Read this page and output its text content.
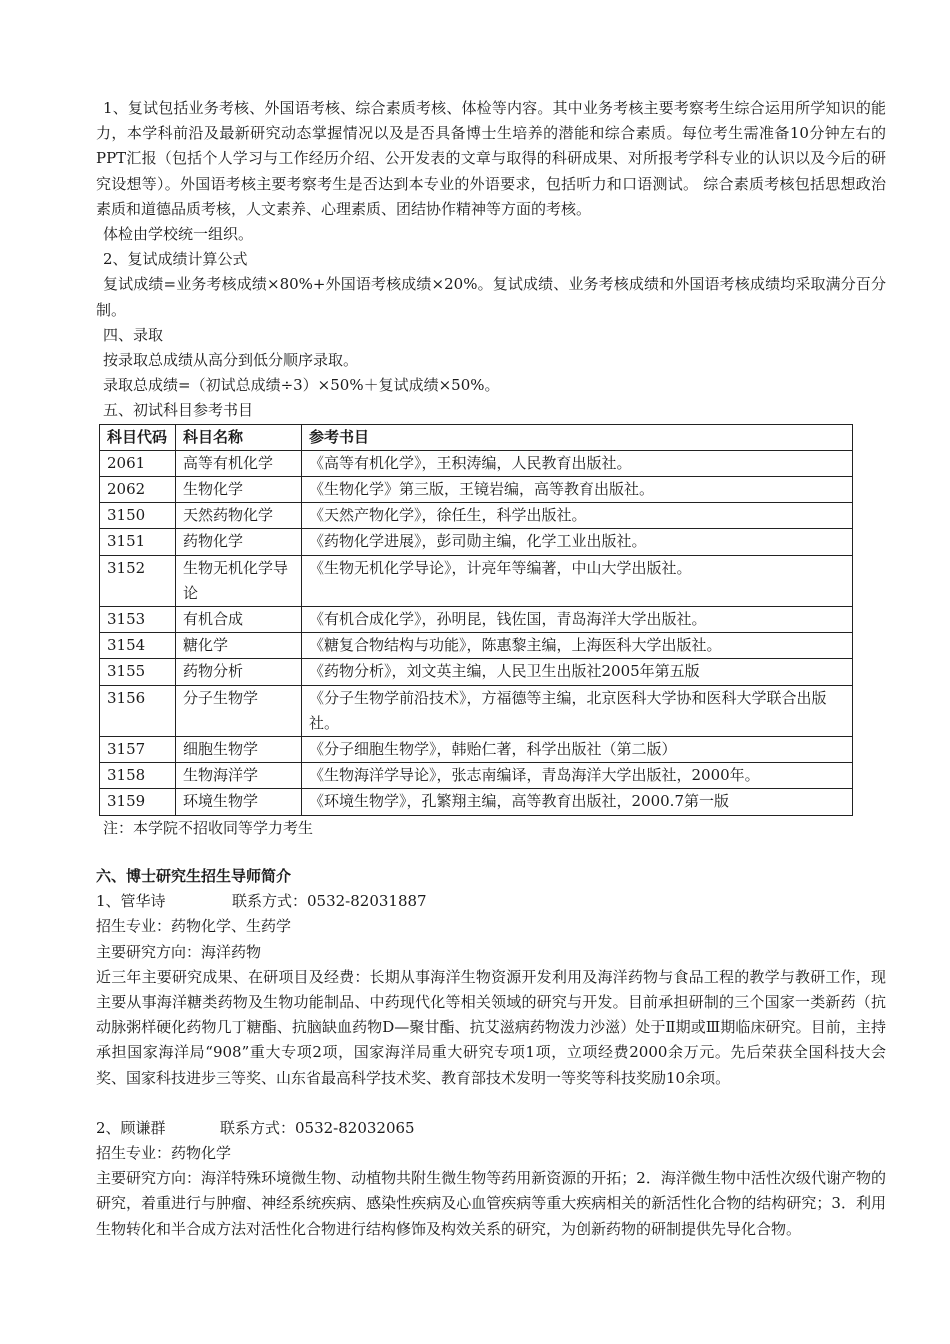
1、复试包括业务考核、外国语考核、综合素质考核、体检等内容。其中业务考核主要考察考生综合运用所学知识的能力，本学科前沿及最新研究动态掌握情况以及是否具备博士生培养的潜能和综合素质。每位考生需准备10分钟左右的PPT汇报（包括个人学习与工作经历介绍、公开发表的文章与取得的科研成果、对所报考学科专业的认识以及今后的研究设想等）。外国语考核主要考察考生是否达到本专业的外语要求，包括听力和口语测试。 综合素质考核包括思想政治素质和道德品质考核，人文素养、心理素质、团结协作精神等方面的考核。

体检由学校统一组织。

2、复试成绩计算公式

复试成绩=业务考核成绩×80%+外国语考核成绩×20%。复试成绩、业务考核成绩和外国语考核成绩均采取满分百分制。

四、录取

按录取总成绩从高分到低分顺序录取。

录取总成绩=（初试总成绩÷3）×50%＋复试成绩×50%。

五、初试科目参考书目

科目代码	科目名称	参考书目
2061	高等有机化学	《高等有机化学》，王积涛编，人民教育出版社。
2062	生物化学	《生物化学》第三版，王镜岩编，高等教育出版社。
3150	天然药物化学	《天然产物化学》，徐任生，科学出版社。
3151	药物化学	《药物化学进展》，彭司勋主编，化学工业出版社。
3152	生物无机化学导论	《生物无机化学导论》，计亮年等编著，中山大学出版社。
3153	有机合成	《有机合成化学》，孙明昆，钱佐国，青岛海洋大学出版社。
3154	糖化学	《糖复合物结构与功能》，陈惠黎主编，上海医科大学出版社。
3155	药物分析	《药物分析》，刘文英主编，人民卫生出版社2005年第五版
3156	分子生物学	《分子生物学前沿技术》，方福德等主编，北京医科大学协和医科大学联合出版社。
3157	细胞生物学	《分子细胞生物学》，韩贻仁著，科学出版社（第二版）
3158	生物海洋学	《生物海洋学导论》，张志南编译，青岛海洋大学出版社，2000年。
3159	环境生物学	《环境生物学》，孔繁翔主编，高等教育出版社，2000.7第一版

注：本学院不招收同等学力考生

六、博士研究生招生导师简介

1、管华诗	联系方式：0532-82031887

招生专业：药物化学、生药学

主要研究方向：海洋药物

近三年主要研究成果、在研项目及经费：长期从事海洋生物资源开发利用及海洋药物与食品工程的教学与教研工作，现主要从事海洋糖类药物及生物功能制品、中药现代化等相关领域的研究与开发。目前承担研制的三个国家一类新药（抗动脉粥样硬化药物几丁糖酯、抗脑缺血药物D—聚甘酯、抗艾滋病药物泼力沙滋）处于Ⅱ期或Ⅲ期临床研究。目前，主持承担国家海洋局“908”重大专项2项，国家海洋局重大研究专项1项，立项经费2000余万元。先后荣获全国科技大会奖、国家科技进步三等奖、山东省最高科学技术奖、教育部技术发明一等奖等科技奖励10余项。

2、顾谦群	联系方式：0532-82032065

招生专业：药物化学

主要研究方向：海洋特殊环境微生物、动植物共附生微生物等药用新资源的开拓；2．海洋微生物中活性次级代谢产物的研究，着重进行与肿瘤、神经系统疾病、感染性疾病及心血管疾病等重大疾病相关的新活性化合物的结构研究；3．利用生物转化和半合成方法对活性化合物进行结构修饰及构效关系的研究，为创新药物的研制提供先导化合物。
